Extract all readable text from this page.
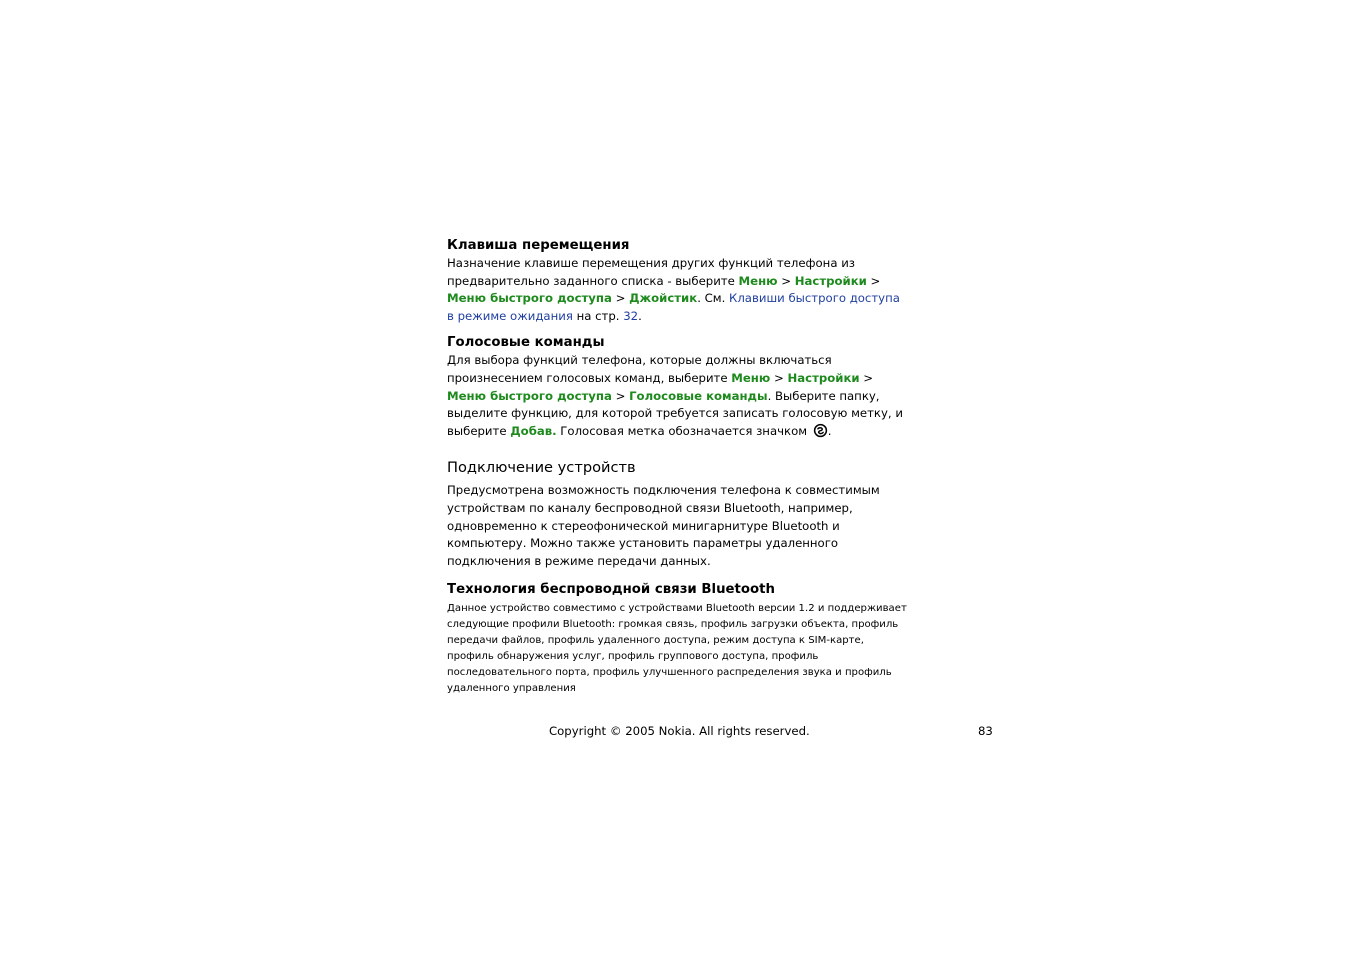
Клавиша перемещения

Назначение клавише перемещения других функций телефона из предварительно заданного списка - выберите Меню > Настройки > Меню быстрого доступа > Джойстик. См. Клавиши быстрого доступа в режиме ожидания на стр. 32.

Голосовые команды

Для выбора функций телефона, которые должны включаться произнесением голосовых команд, выберите Меню > Настройки > Меню быстрого доступа > Голосовые команды. Выберите папку, выделите функцию, для которой требуется записать голосовую метку, и выберите Добав. Голосовая метка обозначается значком .

Подключение устройств

Предусмотрена возможность подключения телефона к совместимым устройствам по каналу беспроводной связи Bluetooth, например, одновременно к стереофонической минигарнитуре Bluetooth и компьютеру. Можно также установить параметры удаленного подключения в режиме передачи данных.

Технология беспроводной связи Bluetooth

Данное устройство совместимо с устройствами Bluetooth версии 1.2 и поддерживает следующие профили Bluetooth: громкая связь, профиль загрузки объекта, профиль передачи файлов, профиль удаленного доступа, режим доступа к SIM-карте, профиль обнаружения услуг, профиль группового доступа, профиль последовательного порта, профиль улучшенного распределения звука и профиль удаленного управления

Copyright © 2005 Nokia. All rights reserved.	83
